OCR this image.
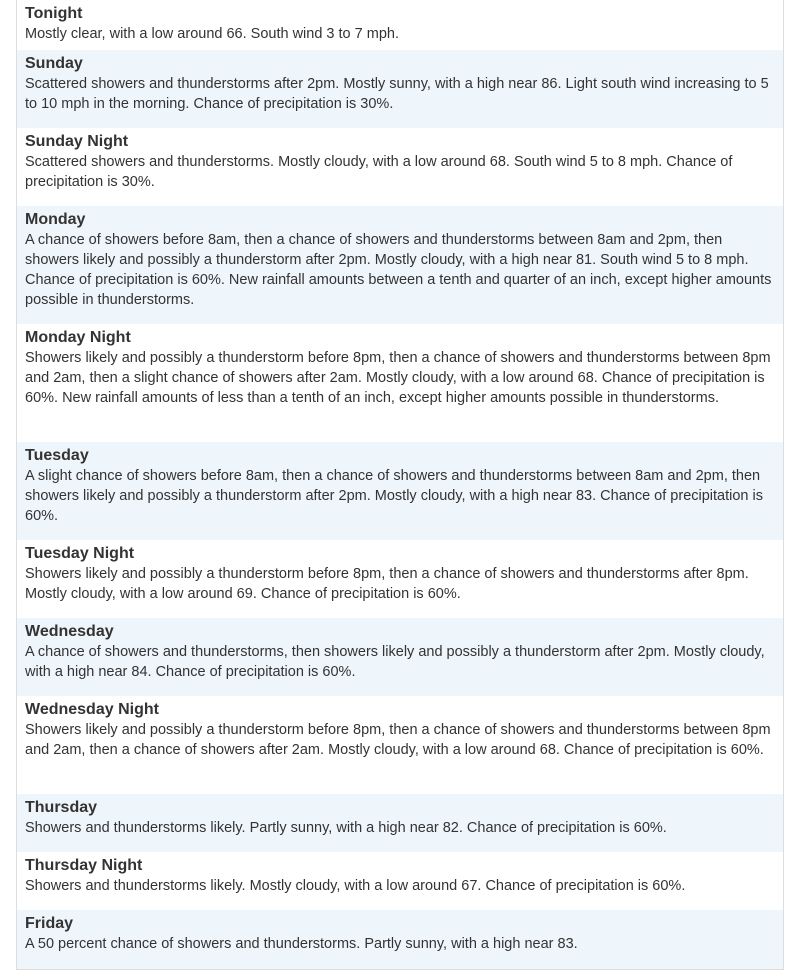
Tonight
Mostly clear, with a low around 66. South wind 3 to 7 mph.
Sunday
Scattered showers and thunderstorms after 2pm. Mostly sunny, with a high near 86. Light south wind increasing to 5 to 10 mph in the morning. Chance of precipitation is 30%.
Sunday Night
Scattered showers and thunderstorms. Mostly cloudy, with a low around 68. South wind 5 to 8 mph. Chance of precipitation is 30%.
Monday
A chance of showers before 8am, then a chance of showers and thunderstorms between 8am and 2pm, then showers likely and possibly a thunderstorm after 2pm. Mostly cloudy, with a high near 81. South wind 5 to 8 mph. Chance of precipitation is 60%. New rainfall amounts between a tenth and quarter of an inch, except higher amounts possible in thunderstorms.
Monday Night
Showers likely and possibly a thunderstorm before 8pm, then a chance of showers and thunderstorms between 8pm and 2am, then a slight chance of showers after 2am. Mostly cloudy, with a low around 68. Chance of precipitation is 60%. New rainfall amounts of less than a tenth of an inch, except higher amounts possible in thunderstorms.
Tuesday
A slight chance of showers before 8am, then a chance of showers and thunderstorms between 8am and 2pm, then showers likely and possibly a thunderstorm after 2pm. Mostly cloudy, with a high near 83. Chance of precipitation is 60%.
Tuesday Night
Showers likely and possibly a thunderstorm before 8pm, then a chance of showers and thunderstorms after 8pm. Mostly cloudy, with a low around 69. Chance of precipitation is 60%.
Wednesday
A chance of showers and thunderstorms, then showers likely and possibly a thunderstorm after 2pm. Mostly cloudy, with a high near 84. Chance of precipitation is 60%.
Wednesday Night
Showers likely and possibly a thunderstorm before 8pm, then a chance of showers and thunderstorms between 8pm and 2am, then a chance of showers after 2am. Mostly cloudy, with a low around 68. Chance of precipitation is 60%.
Thursday
Showers and thunderstorms likely. Partly sunny, with a high near 82. Chance of precipitation is 60%.
Thursday Night
Showers and thunderstorms likely. Mostly cloudy, with a low around 67. Chance of precipitation is 60%.
Friday
A 50 percent chance of showers and thunderstorms. Partly sunny, with a high near 83.
